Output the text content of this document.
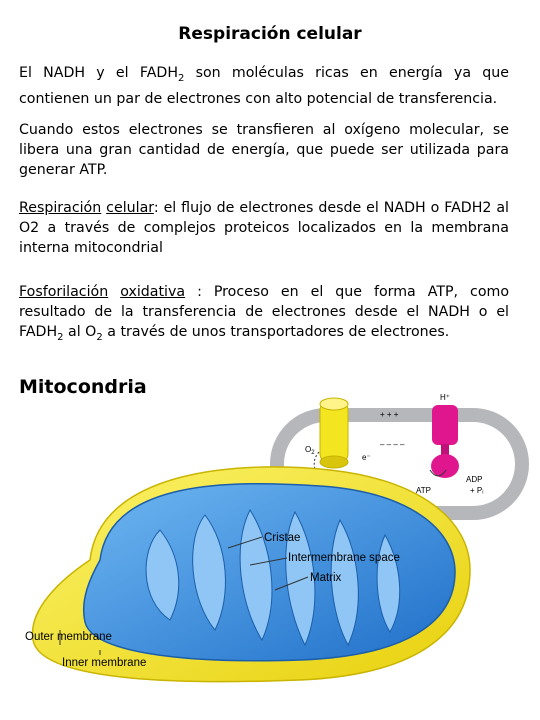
Respiración celular
El NADH y el $FADH_2$ son moléculas ricas en energía ya que contienen un par de electrones con alto potencial de transferencia.
Cuando estos electrones se transfieren al oxígeno molecular, se libera una gran cantidad de energía, que puede ser utilizada para generar ATP.
Respiración celular: el flujo de electrones desde el NADH o FADH2 al O2 a través de complejos proteicos localizados en la membrana interna mitocondrial
Fosforilación oxidativa : Proceso en el que forma ATP, como resultado de la transferencia de electrones desde el NADH o el $FADH_2$ al $O_2$ a través de unos transportadores de electrones.
Mitocondria	H⁺
+ + +
– – – –
$O_2$	e⁻
ATP
ADP
+ Pᵢ
Cristae
Intermembrane space
Matrix
Outer membrane
Inner membrane
